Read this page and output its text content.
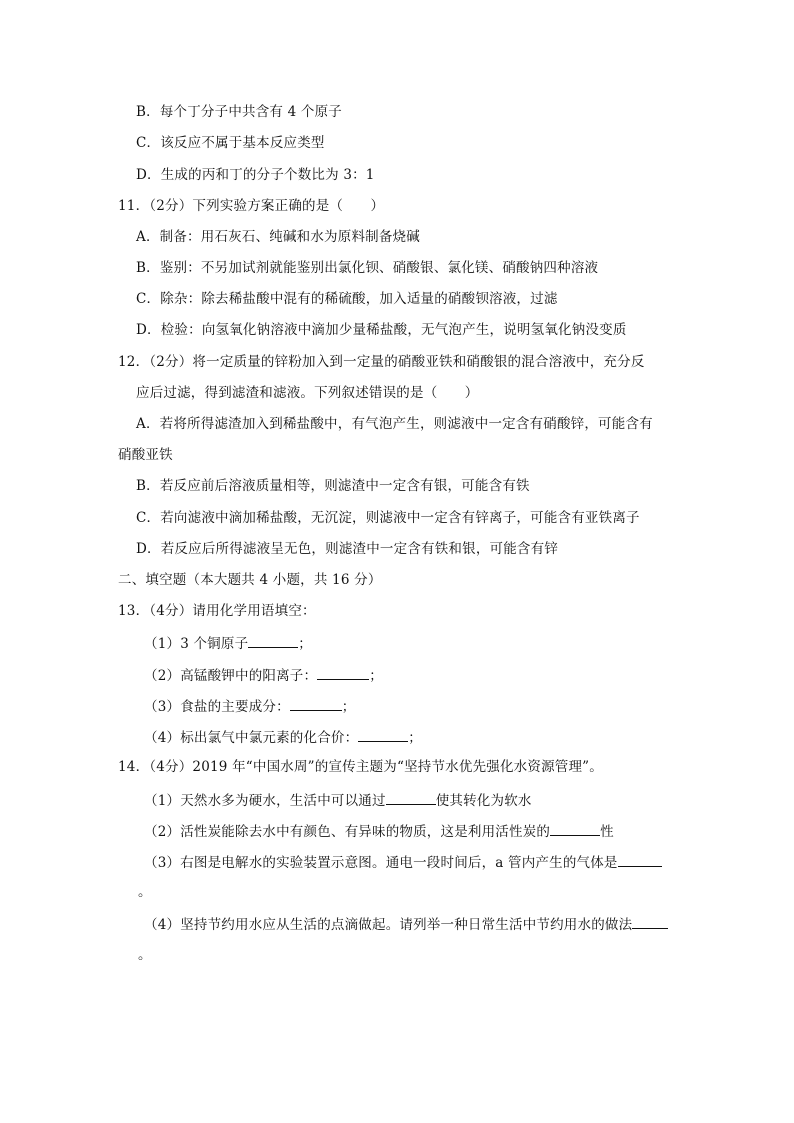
B．每个丁分子中共含有 4 个原子
C．该反应不属于基本反应类型
D．生成的丙和丁的分子个数比为 3：1
11．（2分）下列实验方案正确的是（　　）
A．制备：用石灰石、纯碱和水为原料制备烧碱
B．鉴别：不另加试剂就能鉴别出氯化钡、硝酸银、氯化镁、硝酸钠四种溶液
C．除杂：除去稀盐酸中混有的稀硫酸，加入适量的硝酸钡溶液，过滤
D．检验：向氢氧化钠溶液中滴加少量稀盐酸，无气泡产生，说明氢氧化钠没变质
12．（2分）将一定质量的锌粉加入到一定量的硝酸亚铁和硝酸银的混合溶液中，充分反
应后过滤，得到滤渣和滤液。下列叙述错误的是（　　）
A．若将所得滤渣加入到稀盐酸中，有气泡产生，则滤液中一定含有硝酸锌，可能含有
硝酸亚铁
B．若反应前后溶液质量相等，则滤渣中一定含有银，可能含有铁
C．若向滤液中滴加稀盐酸，无沉淀，则滤液中一定含有锌离子，可能含有亚铁离子
D．若反应后所得滤液呈无色，则滤渣中一定含有铁和银，可能含有锌
二、填空题（本大题共 4 小题，共 16 分）
13．（4分）请用化学用语填空：
（1）3 个铜原子	；
（2）高锰酸钾中的阳离子：	；
（3）食盐的主要成分：	；
（4）标出氯气中氯元素的化合价：	；
14．（4分）2019 年“中国水周”的宣传主题为“坚持节水优先强化水资源管理”。
（1）天然水多为硬水，生活中可以通过	使其转化为软水
（2）活性炭能除去水中有颜色、有异味的物质，这是利用活性炭的	性
（3）右图是电解水的实验装置示意图。通电一段时间后，a 管内产生的气体是
。
（4）坚持节约用水应从生活的点滴做起。请列举一种日常生活中节约用水的做法
。
